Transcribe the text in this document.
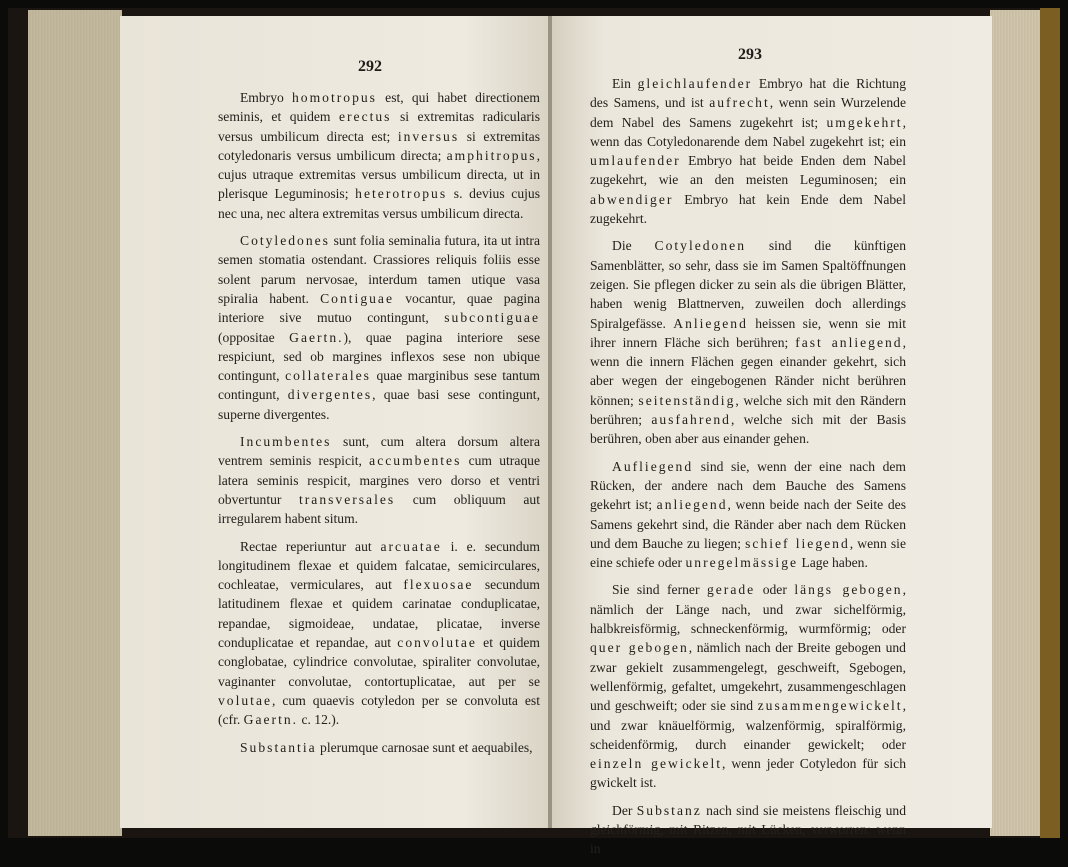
292

Embryo homotropus est, qui habet directionem seminis, et quidem erectus si extremitas radicularis versus umbilicum directa est; inversus si extremitas cotyledonaris versus umbilicum directa; amphitropus, cujus utraque extremitas versus umbilicum directa, ut in plerisque Leguminosis; heterotropus s. devius cujus nec una, nec altera extremitas versus umbilicum directa.

Cotyledones sunt folia seminalia futura, ita ut intra semen stomatia ostendant. Crassiores reliquis foliis esse solent parum nervosae, interdum tamen utique vasa spiralia habent. Contiguae vocantur, quae pagina interiore sive mutuo contingunt, subcontiguae (oppositae Gaertn.), quae pagina interiore sese respiciunt, sed ob margines inflexos sese non ubique contingunt, collaterales quae marginibus sese tantum contingunt, divergentes, quae basi sese contingunt, superne divergentes.

Incumbentes sunt, cum altera dorsum altera ventrem seminis respicit, accumbentes cum utraque latera seminis respicit, margines vero dorso et ventri obvertuntur transversales cum obliquum aut irregularem habent situm.

Rectae reperiuntur aut arcuatae i. e. secundum longitudinem flexae et quidem falcatae, semicirculares, cochleatae, vermiculares, aut flexuosae secundum latitudinem flexae et quidem carinatae conduplicatae, repandae, sigmoideae, undatae, plicatae, inverse conduplicatae et repandae, aut convolutae et quidem conglobatae, cylindrice convolutae, spiraliter convolutae, vaginanter convolutae, contortuplicatae, aut per se volutae, cum quaevis cotyledon per se convoluta est (cfr. Gaertn. c. 12.).

Substantia plerumque carnosae sunt et aequabiles,

293

Ein gleichlaufender Embryo hat die Richtung des Samens, und ist aufrecht, wenn sein Wurzelende dem Nabel des Samens zugekehrt ist; umgekehrt, wenn das Cotyledonarende dem Nabel zugekehrt ist; ein umlaufender Embryo hat beide Enden dem Nabel zugekehrt, wie an den meisten Leguminosen; ein abwendiger Embryo hat kein Ende dem Nabel zugekehrt.

Die Cotyledonen sind die künftigen Samenblätter, so sehr, dass sie im Samen Spaltöffnungen zeigen. Sie pflegen dicker zu sein als die übrigen Blätter, haben wenig Blattnerven, zuweilen doch allerdings Spiralgefässe. Anliegend heissen sie, wenn sie mit ihrer innern Fläche sich berühren; fast anliegend, wenn die innern Flächen gegen einander gekehrt, sich aber wegen der eingebogenen Ränder nicht berühren können; seitenständig, welche sich mit den Rändern berühren; ausfahrend, welche sich mit der Basis berühren, oben aber aus einander gehen.

Aufliegend sind sie, wenn der eine nach dem Rücken, der andere nach dem Bauche des Samens gekehrt ist; anliegend, wenn beide nach der Seite des Samens gekehrt sind, die Ränder aber nach dem Rücken und dem Bauche zu liegen; schief liegend, wenn sie eine schiefe oder unregelmässige Lage haben.

Sie sind ferner gerade oder längs gebogen, nämlich der Länge nach, und zwar sichelförmig, halbkreisförmig, schneckenförmig, wurmförmig; oder quer gebogen, nämlich nach der Breite gebogen und zwar gekielt zusammengelegt, geschweift, Sgebogen, wellenförmig, gefaltet, umgekehrt, zusammengeschlagen und geschweift; oder sie sind zusammengewickelt, und zwar knäuelförmig, walzenförmig, spiralförmig, scheidenförmig, durch einander gewickelt; oder einzeln gewickelt, wenn jeder Cotyledon für sich gwickelt ist.

Der Substanz nach sind sie meistens fleischig und gleichförmig, mit Ritzen, mit Lücken, verworren: wenn in
